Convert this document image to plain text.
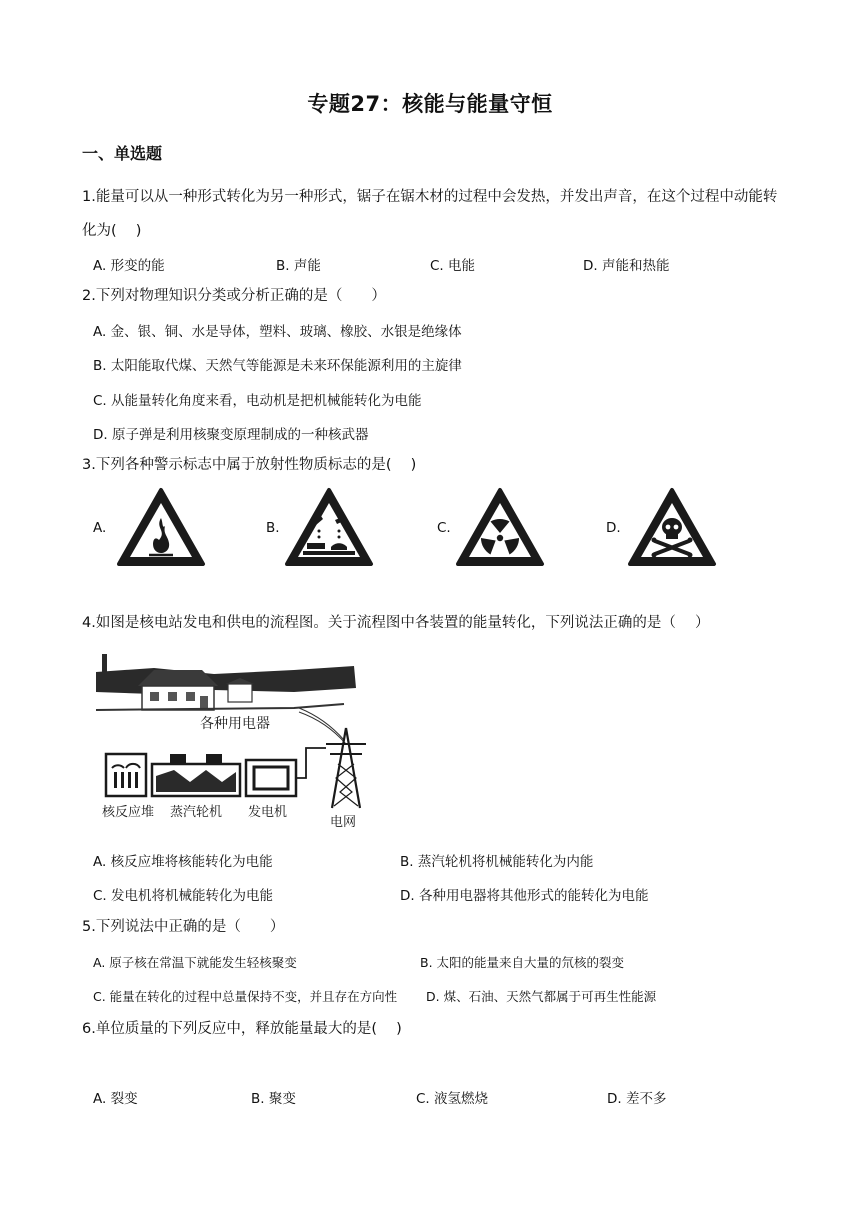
专题27：核能与能量守恒
一、单选题
1.能量可以从一种形式转化为另一种形式，锯子在锯木材的过程中会发热，并发出声音，在这个过程中动能转化为(　 )
A. 形变的能	B. 声能	C. 电能	D. 声能和热能
2.下列对物理知识分类或分析正确的是（　　）
A. 金、银、铜、水是导体，塑料、玻璃、橡胶、水银是绝缘体
B. 太阳能取代煤、天然气等能源是未来环保能源利用的主旋律
C. 从能量转化角度来看，电动机是把机械能转化为电能
D. 原子弹是利用核聚变原理制成的一种核武器
3.下列各种警示标志中属于放射性物质标志的是(　 )
A.	B.	C.	D.
4.如图是核电站发电和供电的流程图。关于流程图中各装置的能量转化，下列说法正确的是（　 ）
各种用电器
核反应堆 蒸汽轮机 发电机
电网
A. 核反应堆将核能转化为电能	B. 蒸汽轮机将机械能转化为内能
C. 发电机将机械能转化为电能	D. 各种用电器将其他形式的能转化为电能
5.下列说法中正确的是（　　）
A. 原子核在常温下就能发生轻核聚变	B. 太阳的能量来自大量的氘核的裂变
C. 能量在转化的过程中总量保持不变，并且存在方向性 D. 煤、石油、天然气都属于可再生性能源
6.单位质量的下列反应中，释放能量最大的是(　 )
A. 裂变	B. 聚变	C. 液氢燃烧	D. 差不多
